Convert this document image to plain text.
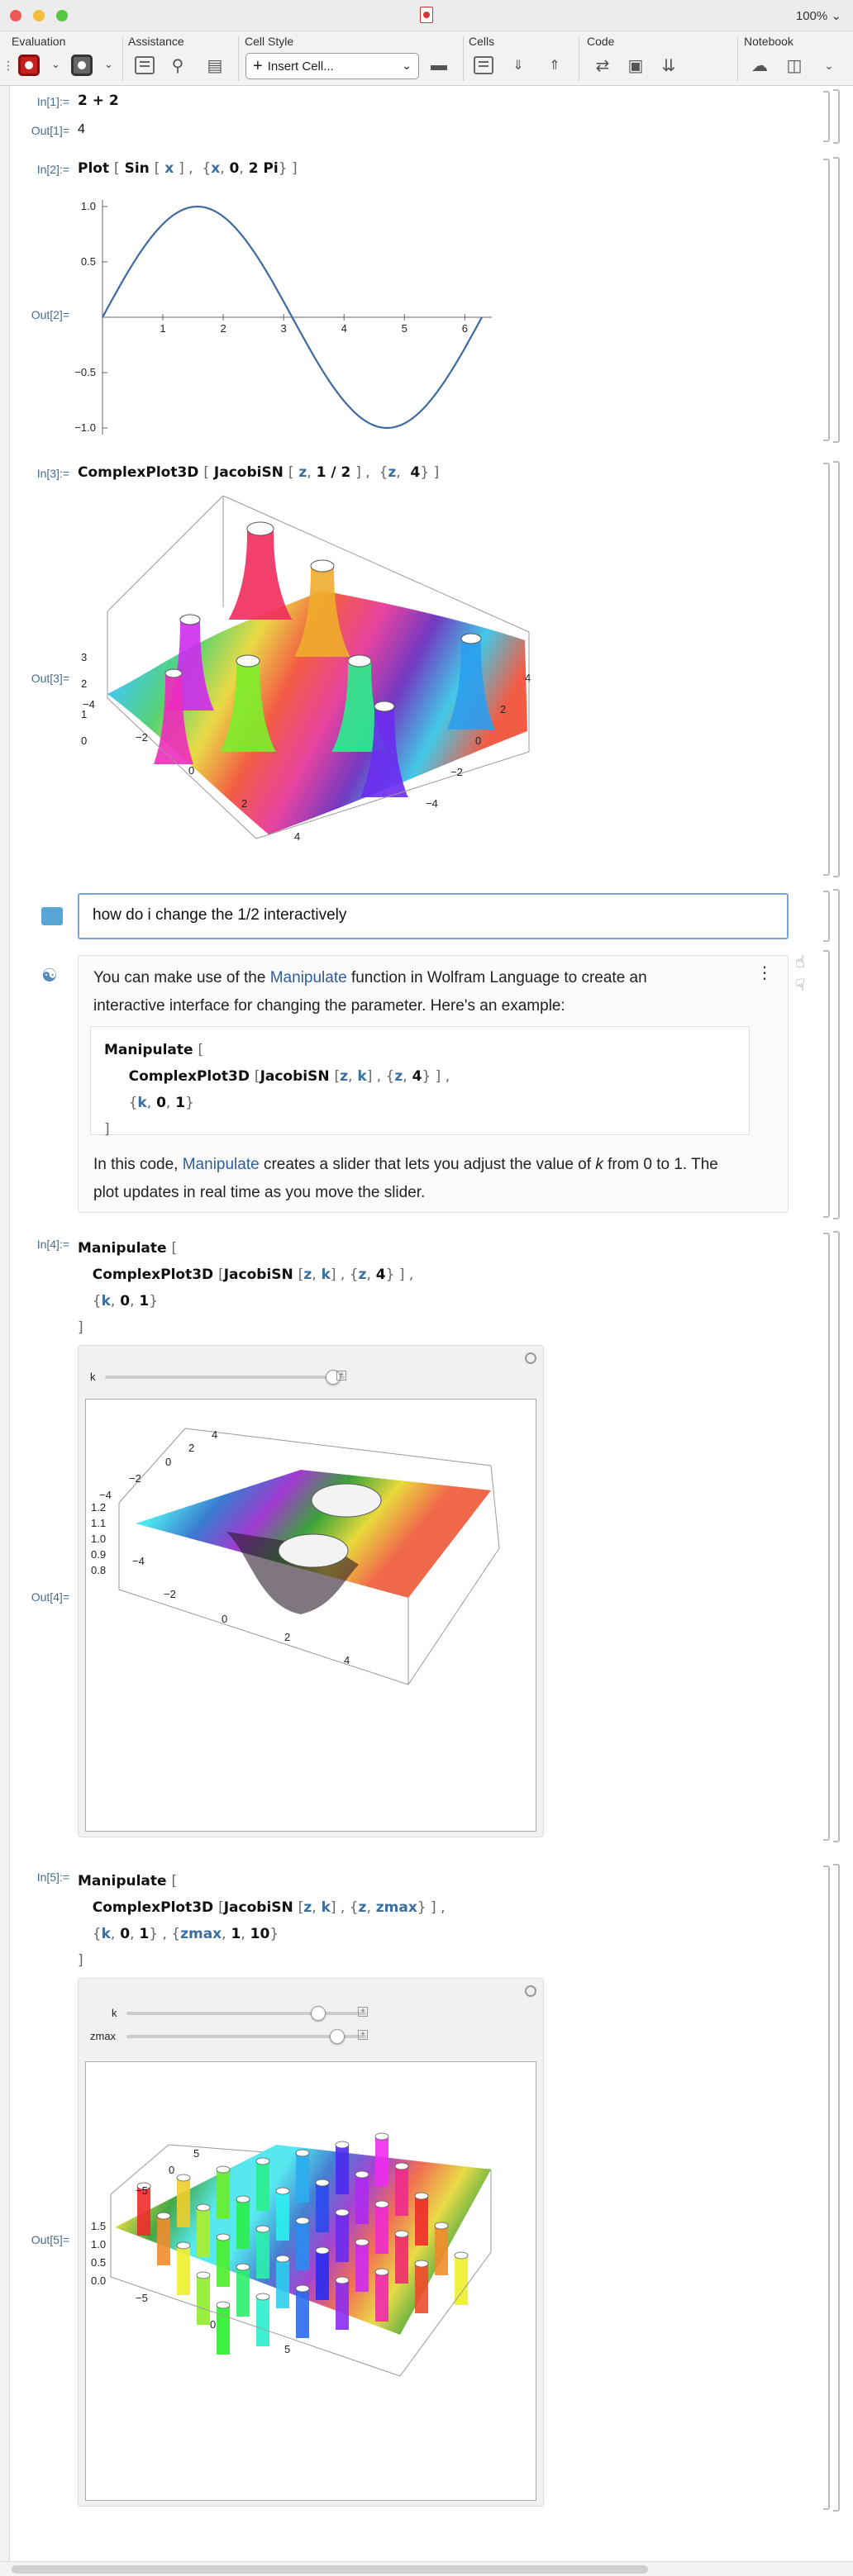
100% ⌄
Evaluation	Assistance	Cell Style	Cells	Code	Notebook
⋮	⌄	⌄	⚲ ▤ + Insert Cell...	⌄ ▬	⇓ ⇑ ⇄ ▣ ⇊	☁ ◫ ⌄
In[1]:= 2 + 2
Out[1]= 4
In[2]:= Plot [ Sin [ x ] ,  {x, 0, 2 Pi} ]
Out[2]=
1	2	3	4	5	6
1.0
0.5
−0.5
−1.0
In[3]:= ComplexPlot3D [ JacobiSN [ z, 1 / 2 ] ,  {z, 4} ]
Out[3]=
3
2
1
0
−4
−2
0
2
4
4
2
0
−2
−4
how do i change the 1/2 interactively
☯	⋮
You can make use of the Manipulate function in Wolfram Language to create an
interactive interface for changing the parameter. Here's an example:
Manipulate [
ComplexPlot3D [JacobiSN [z, k] , {z, 4} ] ,
{k, 0, 1}
]
In this code, Manipulate creates a slider that lets you adjust the value of k from 0 to 1. The
plot updates in real time as you move the slider.
☝
☟
In[4]:= Manipulate [
ComplexPlot3D [JacobiSN [z, k] , {z, 4} ] ,
{k, 0, 1}
]
Out[4]=
k	+
4
2
0
−2
−4
1.2
1.1
1.0
0.9
0.8
−4
−2
0
2
4
In[5]:= Manipulate [
ComplexPlot3D [JacobiSN [z, k] , {z, zmax} ] ,
{k, 0, 1} , {zmax, 1, 10}
]
Out[5]=
k	+
zmax	+
5
0
−5
1.5
1.0
0.5
0.0
−5
0
5
